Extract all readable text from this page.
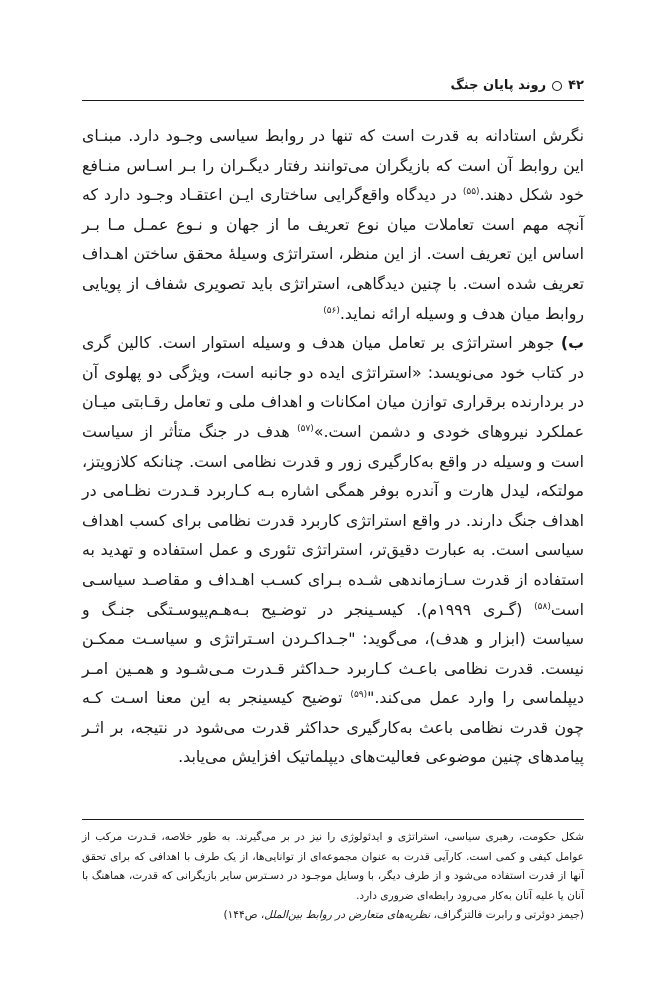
۴۲
روند پایان جنگ

نگرش استادانه به قدرت است که تنها در روابط سیاسی وجـود دارد. مبنـای این روابط آن است که بازیگران می‌توانند رفتار دیگـران را بـر اسـاس منـافع خود شکل دهند.$^{(۵۵)}$ در دیدگاه واقع‌گرایی ساختاری ایـن اعتقـاد وجـود دارد که آنچه مهم است تعاملات میان نوع تعریف ما از جهان و نـوع عمـل مـا بـر اساس این تعریف است. از این منظر، استراتژی وسیلهٔ محقق ساختن اهـداف تعریف شده است. با چنین دیدگاهی، استراتژی باید تصویری شفاف از پویایی روابط میان هدف و وسیله ارائه نماید.$^{(۵۶)}$

ب) جوهر استراتژی بر تعامل میان هدف و وسیله استوار است. کالین گری در کتاب خود می‌نویسد: «استراتژی ایده دو جانبه است، ویژگی دو پهلوی آن در بردارنده برقراری توازن میان امکانات و اهداف ملی و تعامل رقـابتی میـان عملکرد نیروهای خودی و دشمن است.»$^{(۵۷)}$ هدف در جنگ متأثر از سیاست است و وسیله در واقع به‌کارگیری زور و قدرت نظامی است. چنانکه کلازویتز، مولتکه، لیدل هارت و آندره بوفر همگی اشاره بـه کـاربرد قـدرت نظـامی در اهداف جنگ دارند. در واقع استراتژی کاربرد قدرت نظامی برای کسب اهداف سیاسی است. به عبارت دقیق‌تر، استراتژی تئوری و عمل استفاده و تهدید به استفاده از قدرت سـازماندهی شـده بـرای کسـب اهـداف و مقاصـد سیاسـی است$^{(۵۸)}$ (گـری ۱۹۹۹م). کیسـینجر در توضـیح بـه‌هـم‌پیوسـتگی جنـگ و سیاست (ابزار و هدف)، می‌گوید: "جـداکـردن اسـتراتژی و سیاسـت ممکـن نیست. قدرت نظامی باعـث کـاربرد حـداکثر قـدرت مـی‌شـود و همـین امـر دیپلماسی را وارد عمل می‌کند."$^{(۵۹)}$ توضیح کیسینجر به این معنا اسـت کـه چون قدرت نظامی باعث به‌کارگیری حداکثر قدرت می‌شود در نتیجه، بر اثـر پیامدهای چنین موضوعی فعالیت‌های دیپلماتیک افزایش می‌یابد.

شکل حکومت، رهبری سیاسی، استراتژی و ایدئولوژی را نیز در بر می‌گیرند. به طور خلاصه، قـدرت مرکب از عوامل کیفی و کمی است. کارآیی قدرت به عنوان مجموعه‌ای از توانایی‌ها، از یک طرف با اهدافی که برای تحقق آنها از قدرت استفاده می‌شود و از طرف دیگر، با وسایل موجـود در دسـترس سایر بازیگرانی که قدرت، هماهنگ با آنان یا علیه آنان به‌کار می‌رود رابطه‌ای ضروری دارد.

(جیمز دوئرتی و رابرت فالتزگراف، نظریه‌های متعارض در روابط بین‌الملل، ص۱۴۴)
